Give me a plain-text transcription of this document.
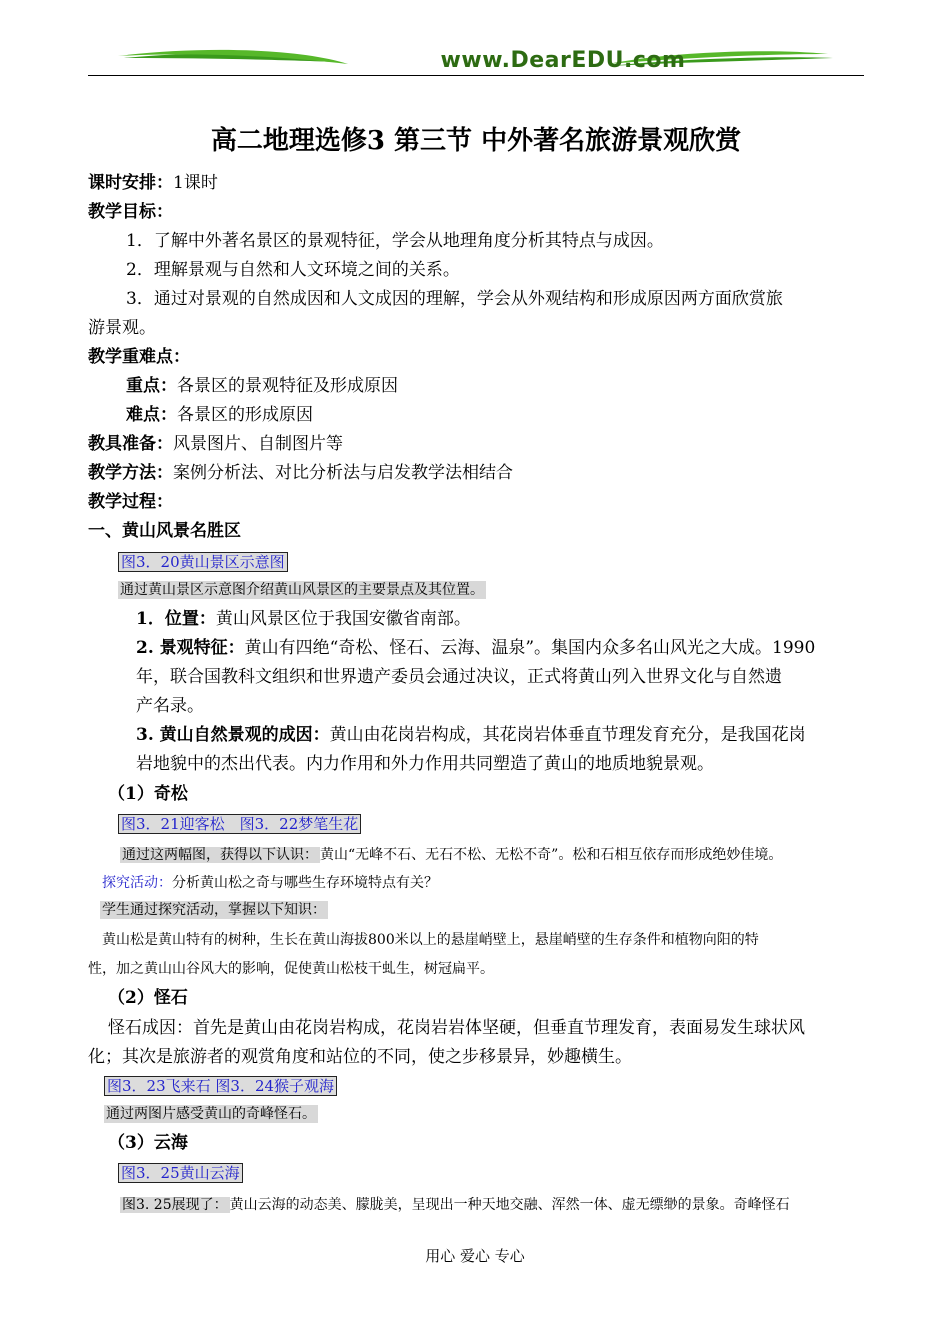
www.DearEDU.com
高二地理选修3 第三节 中外著名旅游景观欣赏
课时安排：1课时
教学目标：
1．了解中外著名景区的景观特征，学会从地理角度分析其特点与成因。
2．理解景观与自然和人文环境之间的关系。
3．通过对景观的自然成因和人文成因的理解，学会从外观结构和形成原因两方面欣赏旅
游景观。
教学重难点：
重点：各景区的景观特征及形成原因
难点：各景区的形成原因
教具准备：风景图片、自制图片等
教学方法：案例分析法、对比分析法与启发教学法相结合
教学过程：
一、黄山风景名胜区
图3．20黄山景区示意图
通过黄山景区示意图介绍黄山风景区的主要景点及其位置。
1．位置：黄山风景区位于我国安徽省南部。
2. 景观特征：黄山有四绝“奇松、怪石、云海、温泉”。集国内众多名山风光之大成。1990
年，联合国教科文组织和世界遗产委员会通过决议，正式将黄山列入世界文化与自然遗
产名录。
3. 黄山自然景观的成因：黄山由花岗岩构成，其花岗岩体垂直节理发育充分，是我国花岗
岩地貌中的杰出代表。内力作用和外力作用共同塑造了黄山的地质地貌景观。
（1）奇松
图3．21迎客松　图3．22梦笔生花
通过这两幅图，获得以下认识： 黄山“无峰不石、无石不松、无松不奇”。松和石相互依存而形成绝妙佳境。
探究活动：分析黄山松之奇与哪些生存环境特点有关？
学生通过探究活动，掌握以下知识：
黄山松是黄山特有的树种，生长在黄山海拔800米以上的悬崖峭壁上，悬崖峭壁的生存条件和植物向阳的特
性，加之黄山山谷风大的影响，促使黄山松枝干虬生，树冠扁平。
（2）怪石
怪石成因：首先是黄山由花岗岩构成，花岗岩岩体坚硬，但垂直节理发育，表面易发生球状风
化；其次是旅游者的观赏角度和站位的不同，使之步移景异，妙趣横生。
图3．23飞来石 图3．24猴子观海
通过两图片感受黄山的奇峰怪石。
（3）云海
图3．25黄山云海
图3. 25展现了： 黄山云海的动态美、朦胧美，呈现出一种天地交融、浑然一体、虚无缥缈的景象。奇峰怪石
用心 爱心 专心
